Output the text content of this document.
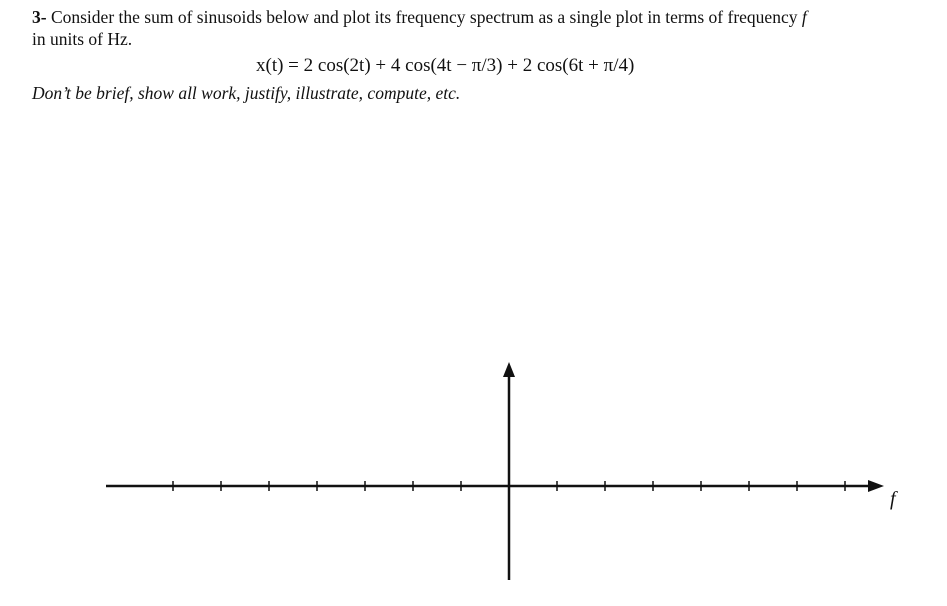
3- Consider the sum of sinusoids below and plot its frequency spectrum as a single plot in terms of frequency f
in units of Hz.
x(t) = 2 cos(2t) + 4 cos(4t − π/3) + 2 cos(6t + π/4)
Don’t be brief, show all work, justify, illustrate, compute, etc.
f
